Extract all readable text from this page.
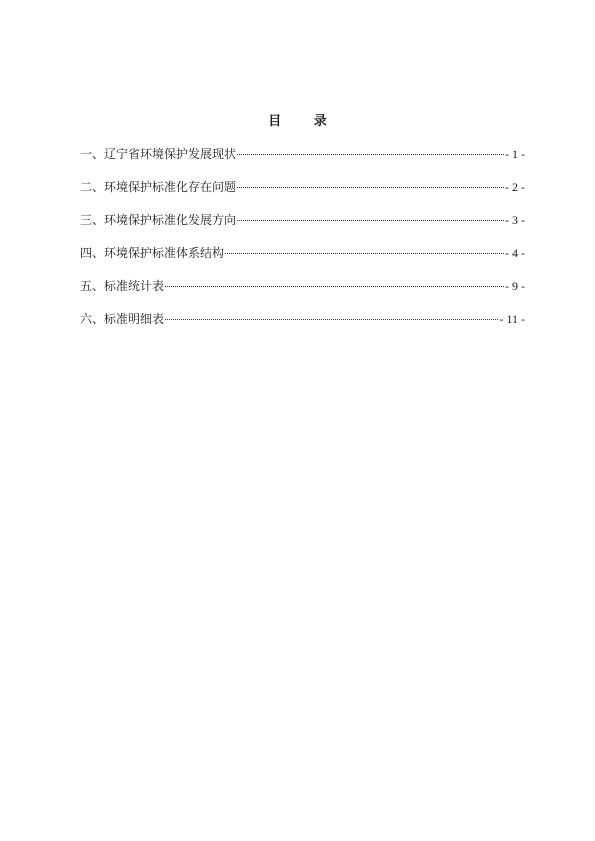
目 录
一、辽宁省环境保护发展现状	- 1 -
二、环境保护标准化存在问题	- 2 -
三、环境保护标准化发展方向	- 3 -
四、环境保护标准体系结构	- 4 -
五、标准统计表	- 9 -
六、标准明细表	- 11 -
